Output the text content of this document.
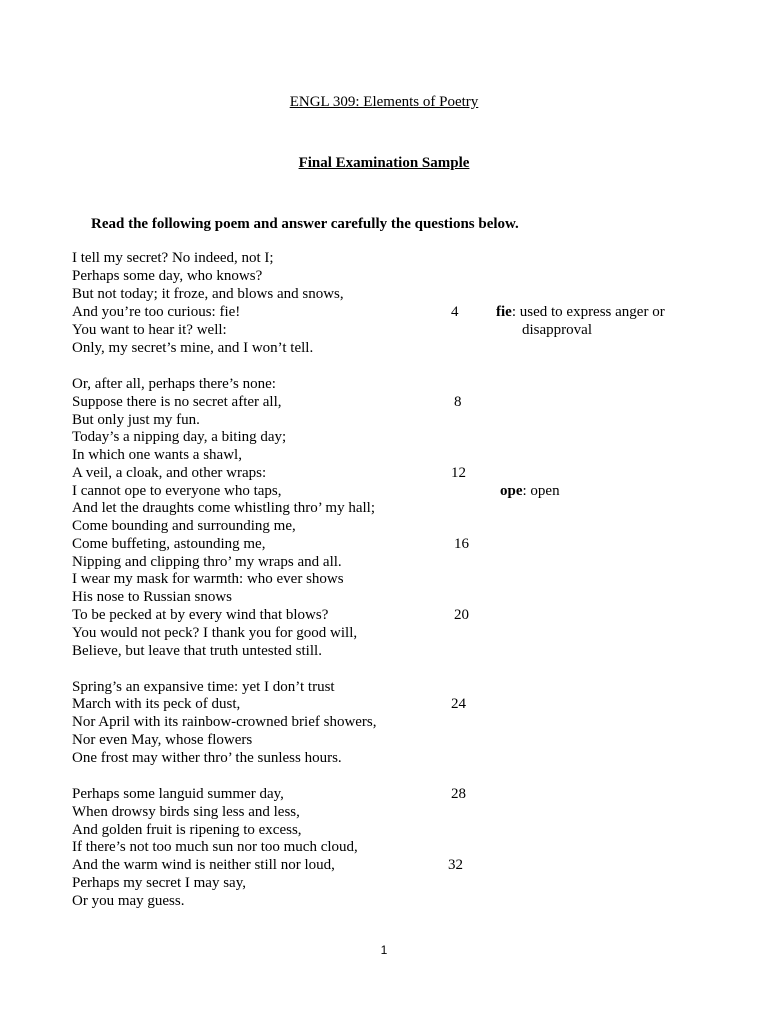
ENGL 309: Elements of Poetry
Final Examination Sample
Read the following poem and answer carefully the questions below.
I tell my secret? No indeed, not I;
Perhaps some day, who knows?
But not today; it froze, and blows and snows,
And you’re too curious: fie!
You want to hear it? well:
Only, my secret’s mine, and I won’t tell.
Or, after all, perhaps there’s none:
Suppose there is no secret after all,
But only just my fun.
Today’s a nipping day, a biting day;
In which one wants a shawl,
A veil, a cloak, and other wraps:
I cannot ope to everyone who taps,
And let the draughts come whistling thro’ my hall;
Come bounding and surrounding me,
Come buffeting, astounding me,
Nipping and clipping thro’ my wraps and all.
I wear my mask for warmth: who ever shows
His nose to Russian snows
To be pecked at by every wind that blows?
You would not peck? I thank you for good will,
Believe, but leave that truth untested still.
Spring’s an expansive time: yet I don’t trust
March with its peck of dust,
Nor April with its rainbow-crowned brief showers,
Nor even May, whose flowers
One frost may wither thro’ the sunless hours.
Perhaps some languid summer day,
When drowsy birds sing less and less,
And golden fruit is ripening to excess,
If there’s not too much sun nor too much cloud,
And the warm wind is neither still nor loud,
Perhaps my secret I may say,
Or you may guess.
4
8
12
16
20
24
28
32
fie: used to express anger or
disapproval
ope: open
1
